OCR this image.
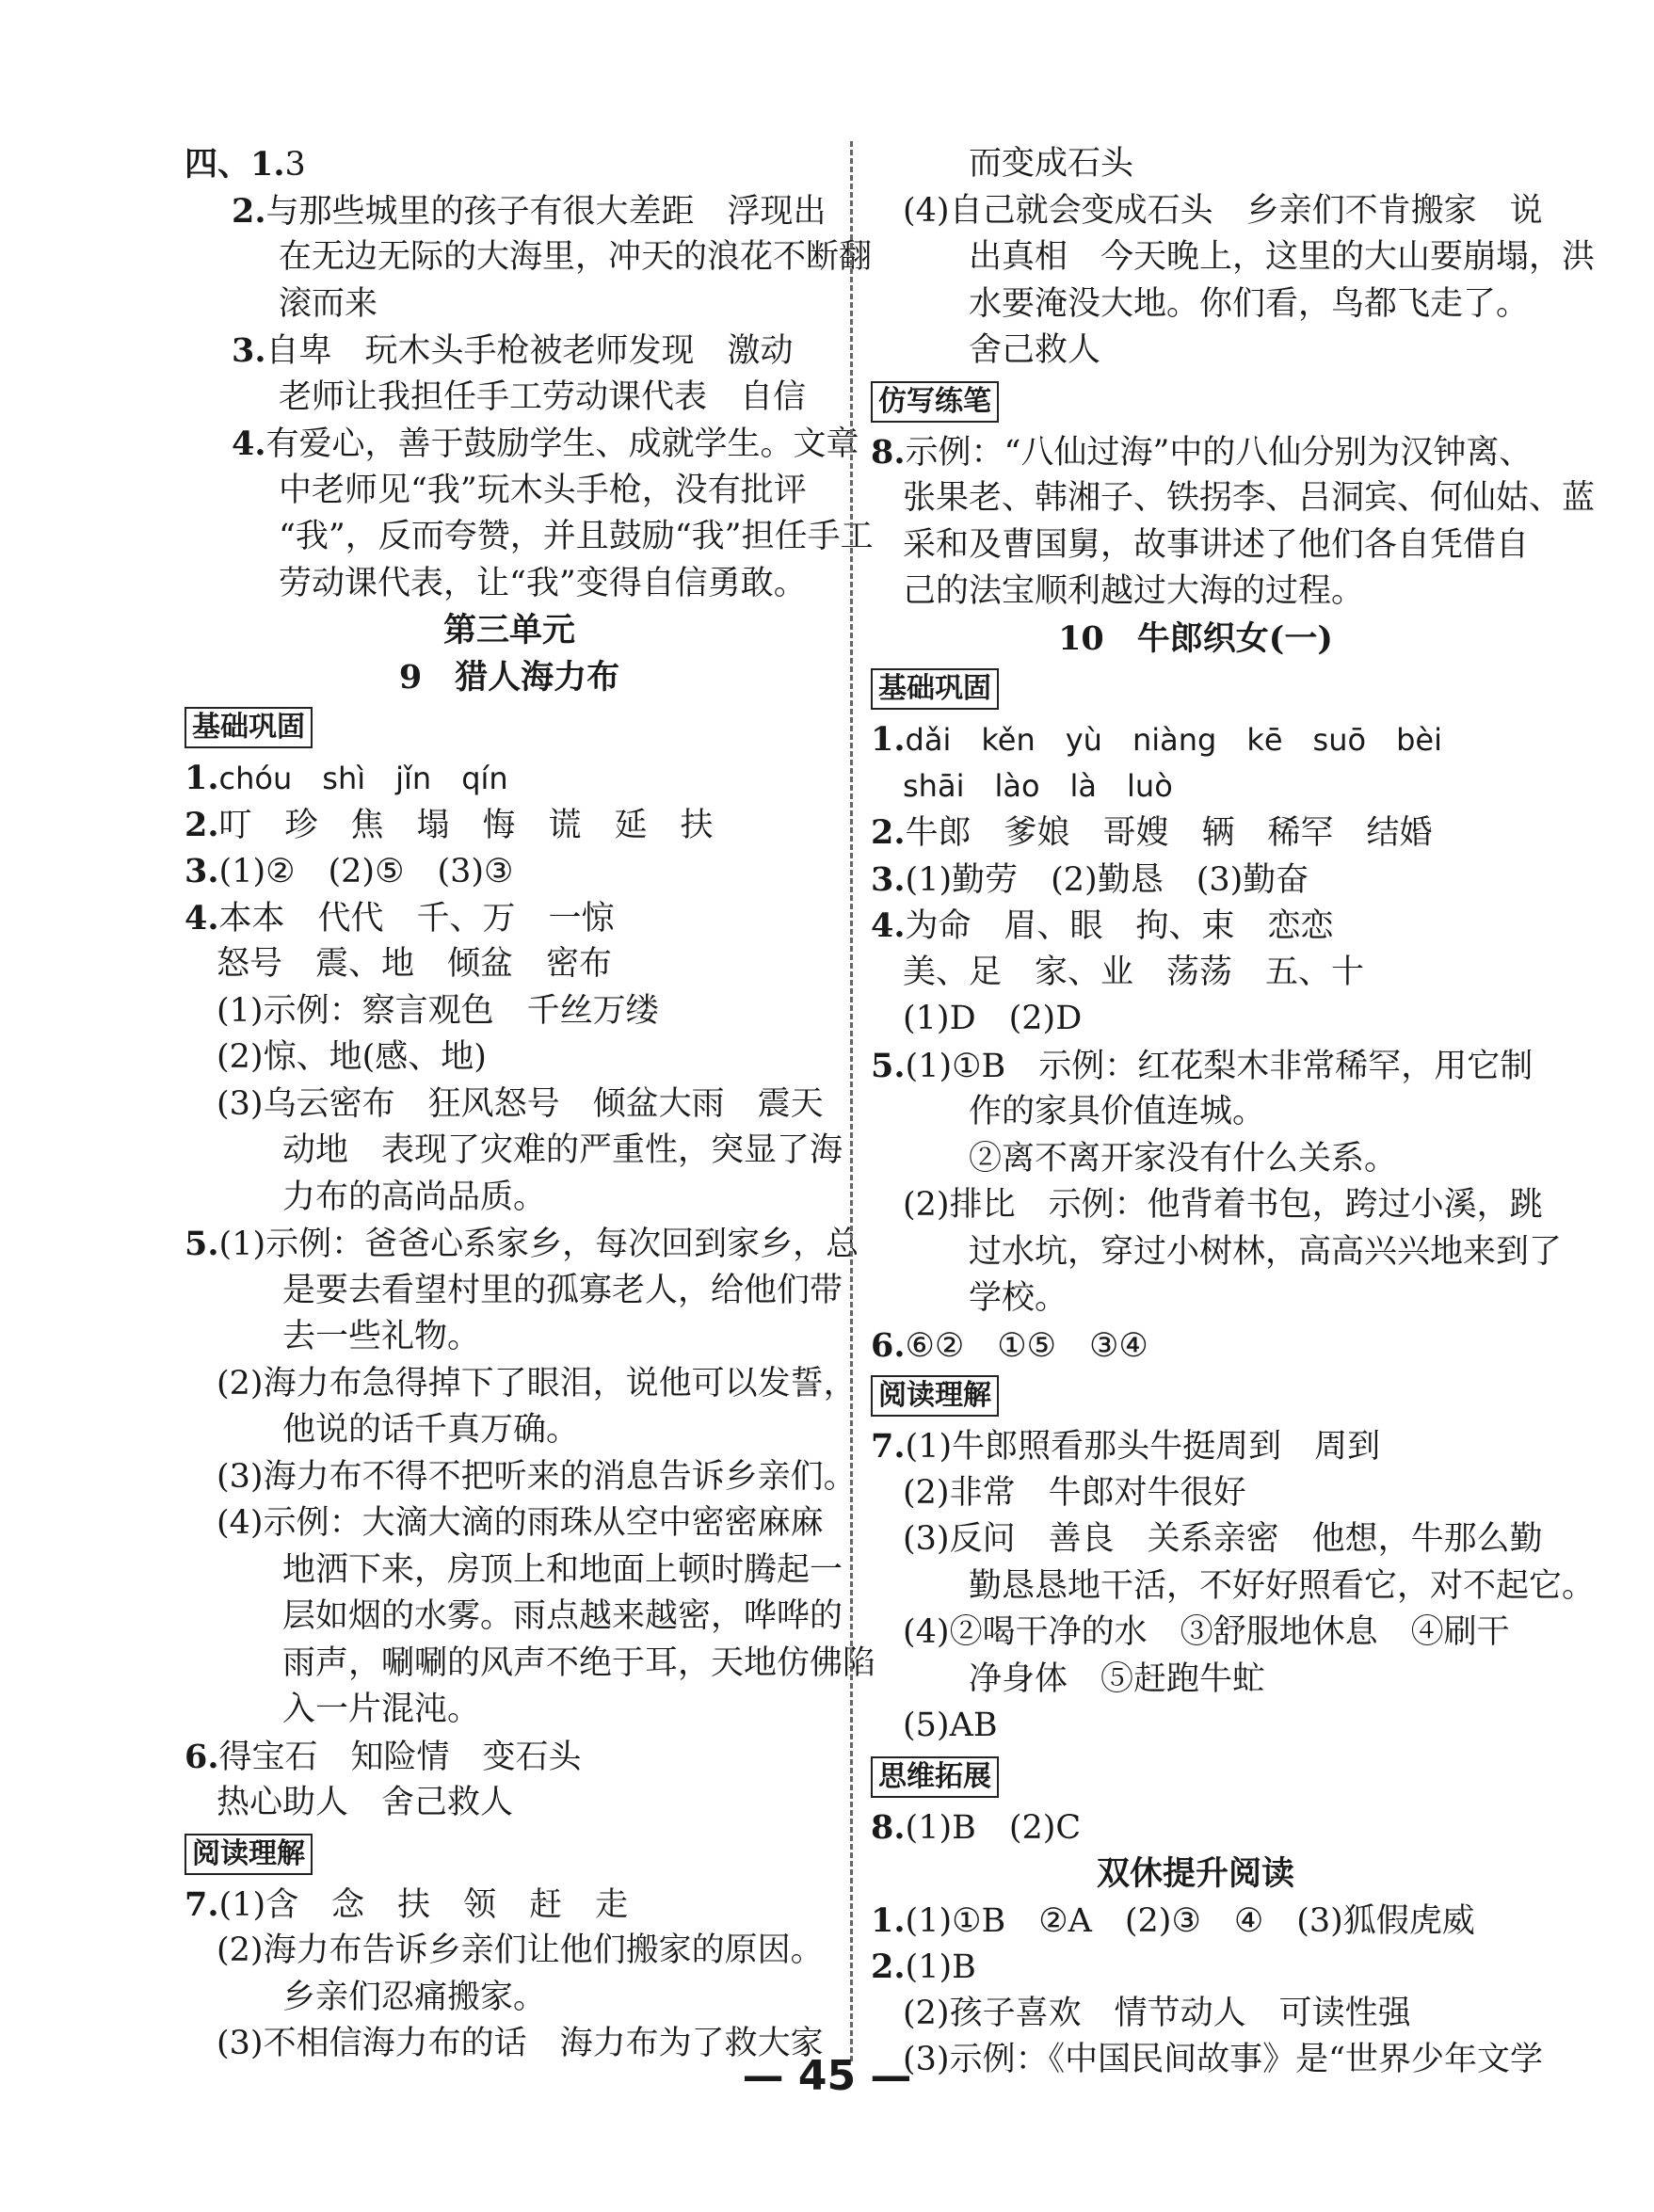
四、1.3
2.与那些城里的孩子有很大差距　浮现出
在无边无际的大海里，冲天的浪花不断翻
滚而来
3.自卑　玩木头手枪被老师发现　激动
老师让我担任手工劳动课代表　自信
4.有爱心，善于鼓励学生、成就学生。文章
中老师见“我”玩木头手枪，没有批评
“我”，反而夸赞，并且鼓励“我”担任手工
劳动课代表，让“我”变得自信勇敢。
第三单元
9　猎人海力布
基础巩固
1.chóu　shì　jǐn　qín
2.叮　珍　焦　塌　悔　谎　延　扶
3.(1)②　(2)⑤　(3)③
4.本本　代代　千、万　一惊
怒号　震、地　倾盆　密布
(1)示例：察言观色　千丝万缕
(2)惊、地(感、地)
(3)乌云密布　狂风怒号　倾盆大雨　震天
动地　表现了灾难的严重性，突显了海
力布的高尚品质。
5.(1)示例：爸爸心系家乡，每次回到家乡，总
是要去看望村里的孤寡老人，给他们带
去一些礼物。
(2)海力布急得掉下了眼泪，说他可以发誓，
他说的话千真万确。
(3)海力布不得不把听来的消息告诉乡亲们。
(4)示例：大滴大滴的雨珠从空中密密麻麻
地洒下来，房顶上和地面上顿时腾起一
层如烟的水雾。雨点越来越密，哗哗的
雨声，唰唰的风声不绝于耳，天地仿佛陷
入一片混沌。
6.得宝石　知险情　变石头
热心助人　舍己救人
阅读理解
7.(1)含　念　扶　领　赶　走
(2)海力布告诉乡亲们让他们搬家的原因。
乡亲们忍痛搬家。
(3)不相信海力布的话　海力布为了救大家
而变成石头
(4)自己就会变成石头　乡亲们不肯搬家　说
出真相　今天晚上，这里的大山要崩塌，洪
水要淹没大地。你们看，鸟都飞走了。
舍己救人
仿写练笔
8.示例：“八仙过海”中的八仙分别为汉钟离、
张果老、韩湘子、铁拐李、吕洞宾、何仙姑、蓝
采和及曹国舅，故事讲述了他们各自凭借自
己的法宝顺利越过大海的过程。
10　牛郎织女(一)
基础巩固
1.dǎi　kěn　yù　niàng　kē　suō　bèi
shāi　lào　là　luò
2.牛郎　爹娘　哥嫂　辆　稀罕　结婚
3.(1)勤劳　(2)勤恳　(3)勤奋
4.为命　眉、眼　拘、束　恋恋
美、足　家、业　荡荡　五、十
(1)D　(2)D
5.(1)①B　示例：红花梨木非常稀罕，用它制
作的家具价值连城。
②离不离开家没有什么关系。
(2)排比　示例：他背着书包，跨过小溪，跳
过水坑，穿过小树林，高高兴兴地来到了
学校。
6.⑥②　①⑤　③④
阅读理解
7.(1)牛郎照看那头牛挺周到　周到
(2)非常　牛郎对牛很好
(3)反问　善良　关系亲密　他想，牛那么勤
勤恳恳地干活，不好好照看它，对不起它。
(4)②喝干净的水　③舒服地休息　④刷干
净身体　⑤赶跑牛虻
(5)AB
思维拓展
8.(1)B　(2)C
双休提升阅读
1.(1)①B　②A　(2)③　④　(3)狐假虎威
2.(1)B
(2)孩子喜欢　情节动人　可读性强
(3)示例：《中国民间故事》是“世界少年文学
— 45 —
